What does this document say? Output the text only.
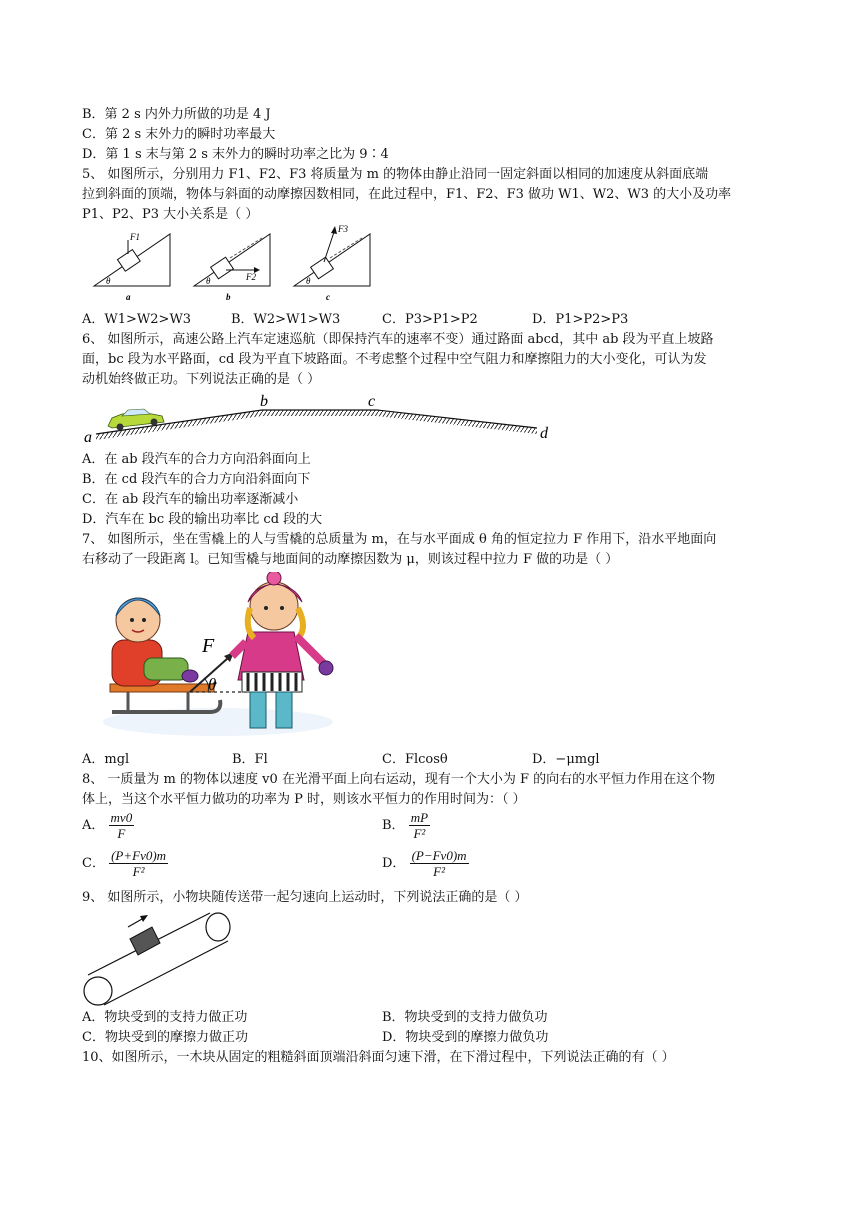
B．第 2 s 内外力所做的功是 4 J
C．第 2 s 末外力的瞬时功率最大
D．第 1 s 末与第 2 s 末外力的瞬时功率之比为 9∶4
5、 如图所示，分别用力 F1、F2、F3 将质量为 m 的物体由静止沿同一固定斜面以相同的加速度从斜面底端
拉到斜面的顶端，物体与斜面的动摩擦因数相同，在此过程中，F1、F2、F3 做功 W1、W2、W3 的大小及功率
P1、P2、P3 大小关系是（ ）
F1
θ
a
F2
θ
b
F3
θ
c
A．W1>W2>W3	B．W2>W1>W3	C．P3>P1>P2	D．P1>P2>P3
6、 如图所示，高速公路上汽车定速巡航（即保持汽车的速率不变）通过路面 abcd，其中 ab 段为平直上坡路
面，bc 段为水平路面，cd 段为平直下坡路面。不考虑整个过程中空气阻力和摩擦阻力的大小变化，可认为发
动机始终做正功。下列说法正确的是（ ）
a
b	c
d
A．在 ab 段汽车的合力方向沿斜面向上
B．在 cd 段汽车的合力方向沿斜面向下
C．在 ab 段汽车的输出功率逐渐减小
D．汽车在 bc 段的输出功率比 cd 段的大
7、 如图所示，坐在雪橇上的人与雪橇的总质量为 m，在与水平面成 θ 角的恒定拉力 F 作用下，沿水平地面向
右移动了一段距离 l。已知雪橇与地面间的动摩擦因数为 μ，则该过程中拉力 F 做的功是（ ）
F
θ
A．mgl	B．Fl	C．Flcosθ	D．−μmgl
8、 一质量为 m 的物体以速度 v0 在光滑平面上向右运动，现有一个大小为 F 的向右的水平恒力作用在这个物
体上，当这个水平恒力做功的功率为 P 时，则该水平恒力的作用时间为：（ ）
A． $\frac{mv0}{F}$	B． $\frac{mP}{\text{F²}}$
C． $\frac{(P+Fv0)m}{\text{F²}}$	D． $\frac{(P-Fv0)m}{\text{F²}}$
9、 如图所示，小物块随传送带一起匀速向上运动时，下列说法正确的是（ ）
A．物块受到的支持力做正功	B．物块受到的支持力做负功
C．物块受到的摩擦力做正功	D．物块受到的摩擦力做负功
10、如图所示，一木块从固定的粗糙斜面顶端沿斜面匀速下滑，在下滑过程中，下列说法正确的有（ ）
